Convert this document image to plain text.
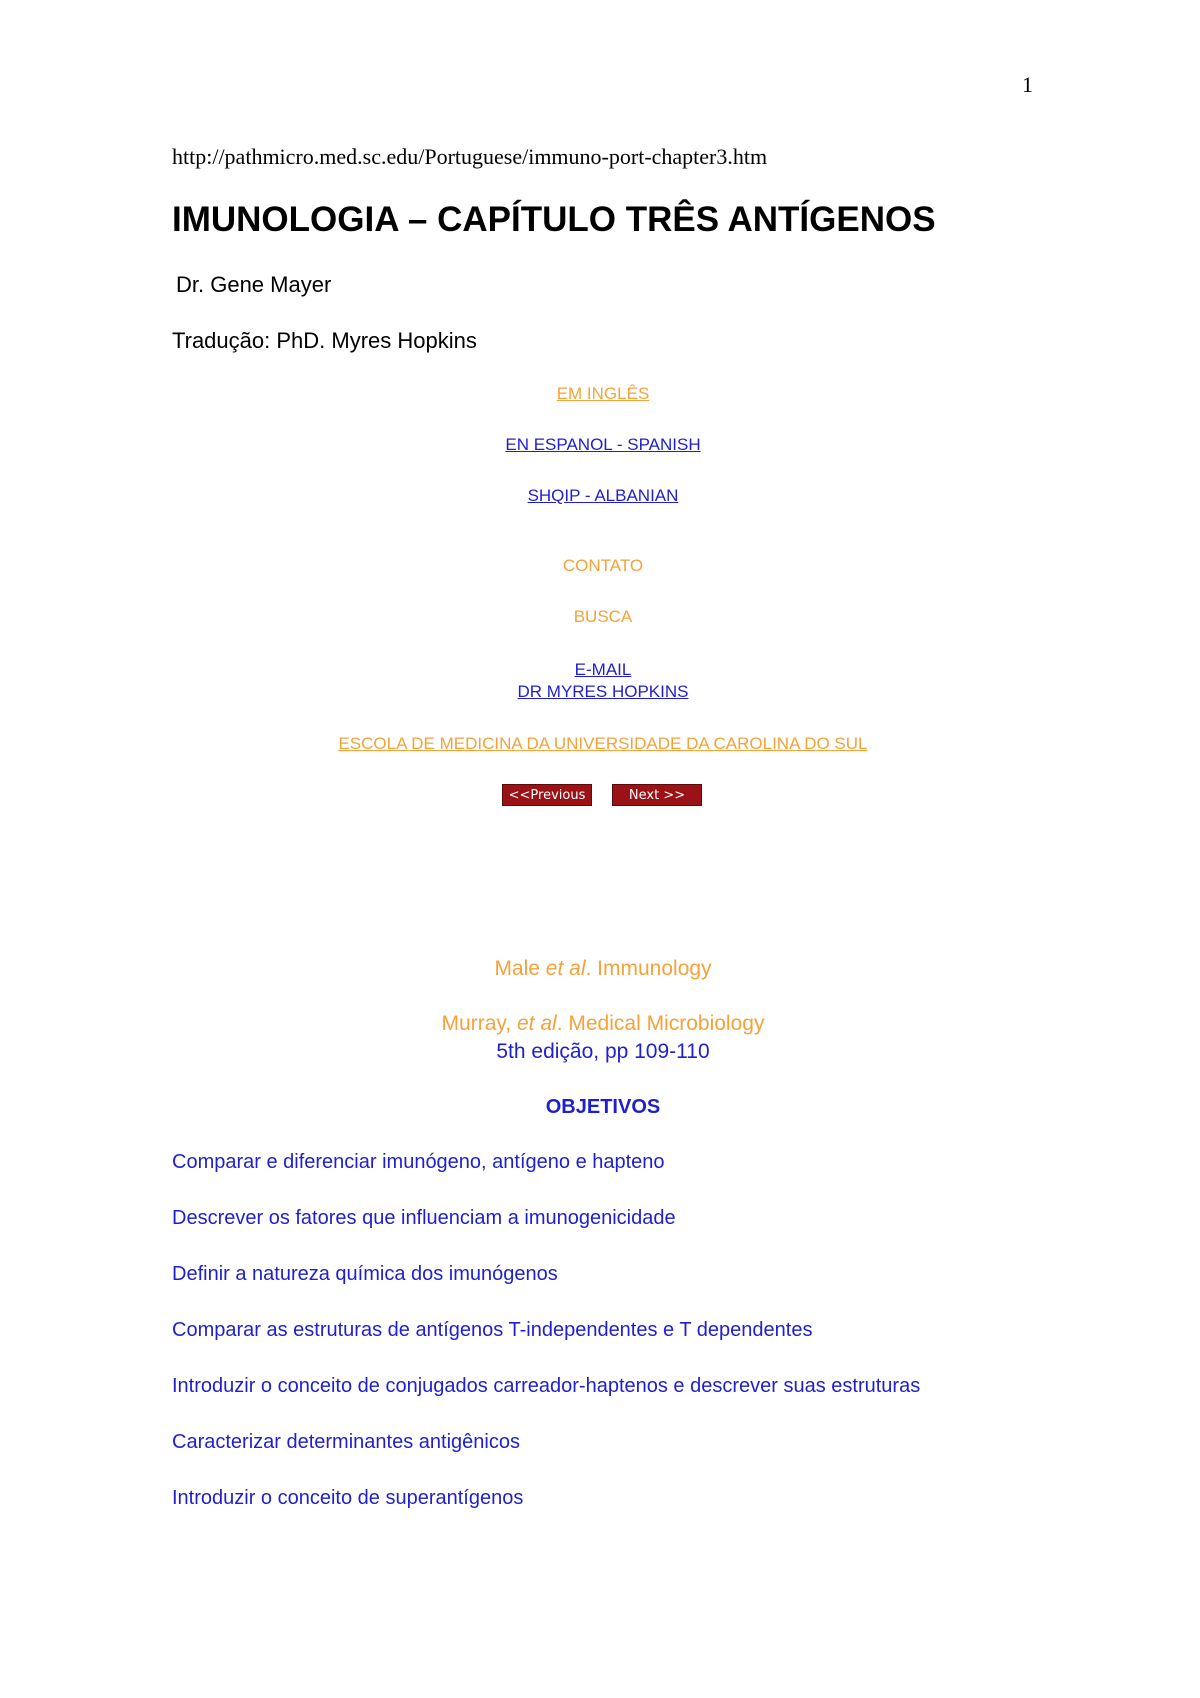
1
http://pathmicro.med.sc.edu/Portuguese/immuno-port-chapter3.htm
IMUNOLOGIA – CAPÍTULO TRÊS ANTÍGENOS
Dr. Gene Mayer
Tradução: PhD. Myres Hopkins
EM INGLÊS
EN ESPANOL - SPANISH
SHQIP - ALBANIAN
CONTATO
BUSCA
E-MAIL
DR MYRES HOPKINS
ESCOLA DE MEDICINA DA UNIVERSIDADE DA CAROLINA DO SUL
<<Previous	Next >>
Male et al. Immunology
Murray, et al. Medical Microbiology
5th edição, pp 109-110
OBJETIVOS
Comparar e diferenciar imunógeno, antígeno e hapteno
Descrever os fatores que influenciam a imunogenicidade
Definir a natureza química dos imunógenos
Comparar as estruturas de antígenos T-independentes e T dependentes
Introduzir o conceito de conjugados carreador-haptenos e descrever suas estruturas
Caracterizar determinantes antigênicos
Introduzir o conceito de superantígenos
